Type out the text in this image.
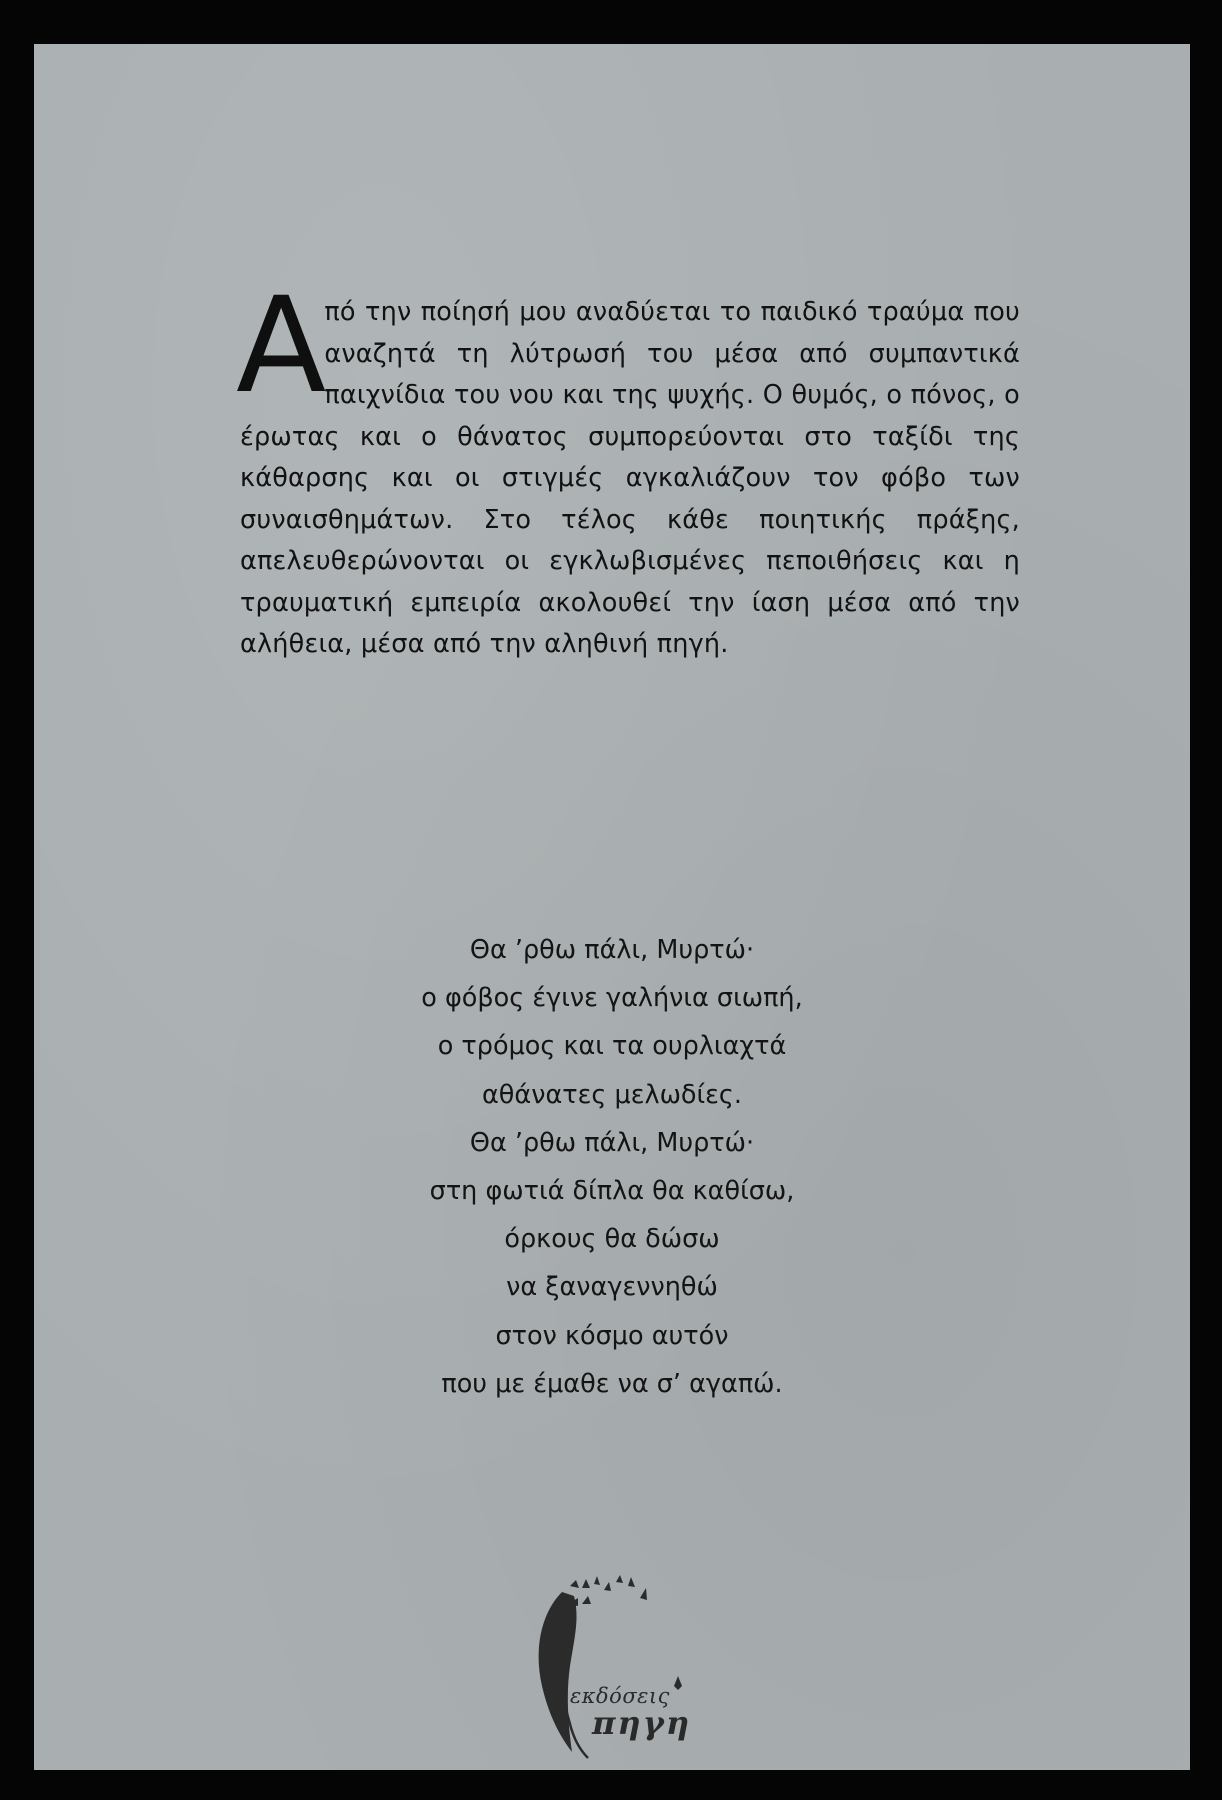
Α πό την ποίησή μου αναδύεται το παιδικό τραύμα που αναζητά τη λύτρωσή του μέσα από συμπαντικά παιχνίδια του νου και της ψυχής. Ο θυμός, ο πόνος, ο έρωτας και ο θάνατος συμπορεύονται στο ταξίδι της κάθαρσης και οι στιγμές αγκαλιάζουν τον φόβο των συναισθημάτων. Στο τέλος κάθε ποιητικής πράξης, απελευθερώνονται οι εγκλωβισμένες πεποιθήσεις και η τραυματική εμπειρία ακολουθεί την ίαση μέσα από την αλήθεια, μέσα από την αληθινή πηγή.
Θα ’ρθω πάλι, Μυρτώ·
ο φόβος έγινε γαλήνια σιωπή,
ο τρόμος και τα ουρλιαχτά
αθάνατες μελωδίες.
Θα ’ρθω πάλι, Μυρτώ·
στη φωτιά δίπλα θα καθίσω,
όρκους θα δώσω
να ξαναγεννηθώ
στον κόσμο αυτόν
που με έμαθε να σ’ αγαπώ.
εκδόσεις
πηγη
